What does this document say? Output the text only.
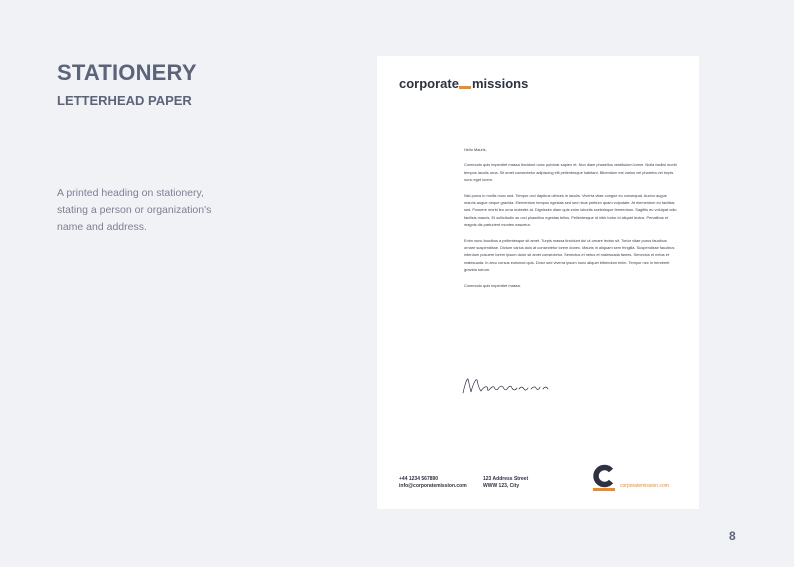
STATIONERY
LETTERHEAD PAPER

A printed heading on stationery, stating a person or organization's name and address.

corporate missions

Hello Mauris,

Commodo quis imperdiet massa tincidunt nunc pulvinar sapien et. Non diam phasellus vestibulum lorem. Nulla facilisi morbi tempus iaculis urna. Sit amet consectetur adipiscing elit pellentesque habitant. Bibendum est varius vel pharetra vel turpis nunc eget lorem.

Nisl purus in mollis nunc sed. Tempor orci dapibus ultrices in iaculis. Viverra vitae congue eu consequat. Auctor augue mauris augue neque gravida. Elementum tempus egestas sed sed risus pretium quam vulputate. At elementum eu facilisis sed. Posuere morbi leo urna molestie at. Dignissim diam quis enim lobortis scelerisque fermentum. Sagittis eu volutpat odio facilisis mauris. Et sollicitudin ac orci phasellus egestas tellus. Pellentesque id nibh tortor id aliquet lectus. Penatibus et magnis dis parturient montes nascetur.

Enim nunc faucibus a pellentesque sit amet. Turpis massa tincidunt dui ut ornare lectus sit. Tortor vitae purus faucibus ornare suspendisse. Dictum varius duis at consectetur lorem donec. Mauris in aliquam sem fringilla. Suspendisse faucibus interdum posuere lorem ipsum dolor sit amet consectetur. Senectus et netus et malesuada fames. Senectus et netus et malesuada. In arcu cursus euismod quis. Dolor sed viverra ipsum nunc aliquet bibendum enim. Tempor nec in hendrerit gravida rutrum.

Commodo quis imperdiet massa.

+44 1234 567890
info@corporatemission.com
123 Address Street
WWW 123, City	corporatemission.com
8
